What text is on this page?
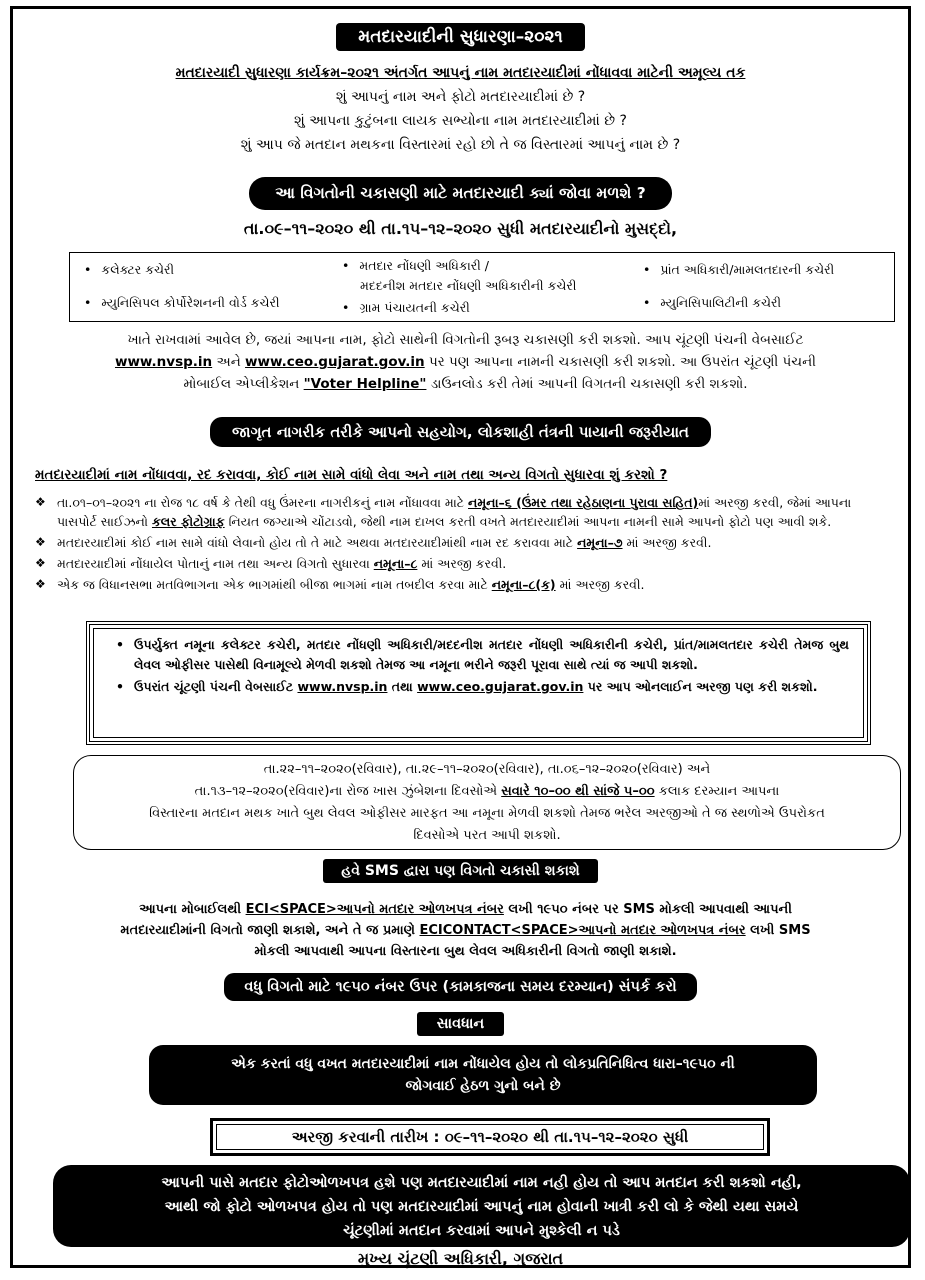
મતદારયાદીની સુધારણા–૨૦૨૧
મતદારયાદી સુધારણા કાર્યક્રમ–૨૦૨૧ અંતર્ગત આપનું નામ મતદારયાદીમાં નોંધાવવા માટેની અમૂલ્ય તક
શું આપનું નામ અને ફોટો મતદારયાદીમાં છે ?
શું આપના કુટુંબના લાયક સભ્યોના નામ મતદારયાદીમાં છે ?
શું આપ જે મતદાન મથકના વિસ્તારમાં રહો છો તે જ વિસ્તારમાં આપનું નામ છે ?
આ વિગતોની ચકાસણી માટે મતદારયાદી ક્યાં જોવા મળશે ?
તા.૦૯–૧૧–૨૦૨૦ થી તા.૧૫–૧૨–૨૦૨૦ સુધી મતદારયાદીનો મુસદ્દો,
• કલેક્ટર કચેરી
• મ્યુનિસિપલ કોર્પોરેશનની વોર્ડ કચેરી
• મતદાર નોંધણી અધિકારી /
મદદનીશ મતદાર નોંધણી અધિકારીની કચેરી
• ગ્રામ પંચાયતની કચેરી
• પ્રાંત અધિકારી/મામલતદારની કચેરી
• મ્યુનિસિપાલિટીની કચેરી
ખાતે રાખવામાં આવેલ છે, જયાં આપના નામ, ફોટો સાથેની વિગતોની રૂબરૂ ચકાસણી કરી શકશો. આપ ચૂંટણી પંચની વેબસાઈટ
www.nvsp.in અને www.ceo.gujarat.gov.in પર પણ આપના નામની ચકાસણી કરી શકશો. આ ઉપરાંત ચૂંટણી પંચની
મોબાઈલ એપ્લીકેશન "Voter Helpline" ડાઉનલોડ કરી તેમાં આપની વિગતની ચકાસણી કરી શકશો.
જાગૃત નાગરીક તરીકે આપનો સહયોગ, લોકશાહી તંત્રની પાયાની જરૂરીયાત
મતદારયાદીમાં નામ નોંધાવવા, રદ કરાવવા, કોઈ નામ સામે વાંધો લેવા અને નામ તથા અન્ય વિગતો સુધારવા શું કરશો ?
❖ તા.૦૧–૦૧–૨૦૨૧ ના રોજ ૧૮ વર્ષ કે તેથી વધુ ઉંમરના નાગરીકનું નામ નોંધાવવા માટે નમૂના–૬ (ઉંમર તથા રહેઠાણના પુરાવા સહિત)માં અરજી કરવી, જેમાં આપના પાસપોર્ટ સાઈઝનો કલર ફોટોગ્રાફ નિયત જગ્યાએ ચોંટાડવો, જેથી નામ દાખલ કરતી વખતે મતદારયાદીમાં આપના નામની સામે આપનો ફોટો પણ આવી શકે.
❖ મતદારયાદીમાં કોઈ નામ સામે વાંધો લેવાનો હોય તો તે માટે અથવા મતદારયાદીમાંથી નામ રદ કરાવવા માટે નમૂના–૭ માં અરજી કરવી.
❖ મતદારયાદીમાં નોંધાયેલ પોતાનું નામ તથા અન્ય વિગતો સુધારવા નમૂના–૮ માં અરજી કરવી.
❖ એક જ વિધાનસભા મતવિભાગના એક ભાગમાંથી બીજા ભાગમાં નામ તબદીલ કરવા માટે નમૂના–૮(ક) માં અરજી કરવી.
• ઉપર્યુક્ત નમૂના કલેક્ટર કચેરી, મતદાર નોંધણી અધિકારી/મદદનીશ મતદાર નોંધણી અધિકારીની કચેરી, પ્રાંત/મામલતદાર કચેરી તેમજ બુથ લેવલ ઓફીસર પાસેથી વિનામૂલ્યે મેળવી શકશો તેમજ આ નમૂના ભરીને જરૂરી પૂરાવા સાથે ત્યાં જ આપી શકશો.
• ઉપરાંત ચૂંટણી પંચની વેબસાઈટ www.nvsp.in તથા www.ceo.gujarat.gov.in પર આપ ઓનલાઈન અરજી પણ કરી શકશો.
તા.૨૨–૧૧–૨૦૨૦(રવિવાર), તા.૨૯–૧૧–૨૦૨૦(રવિવાર), તા.૦૬–૧૨–૨૦૨૦(રવિવાર) અને
તા.૧૩–૧૨–૨૦૨૦(રવિવાર)ના રોજ ખાસ ઝુંબેશના દિવસોએ સવારે ૧૦–૦૦ થી સાંજે ૫–૦૦ કલાક દરમ્યાન આપના
વિસ્તારના મતદાન મથક ખાતે બુથ લેવલ ઓફીસર મારફત આ નમૂના મેળવી શકશો તેમજ ભરેલ અરજીઓ તે જ સ્થળોએ ઉપરોકત
દિવસોએ પરત આપી શકશો.
હવે SMS દ્વારા પણ વિગતો ચકાસી શકાશે
આપના મોબાઈલથી ECI<SPACE>આપનો મતદાર ઓળખપત્ર નંબર લખી ૧૯૫૦ નંબર પર SMS મોકલી આપવાથી આપની
મતદારયાદીમાંની વિગતો જાણી શકાશે, અને તે જ પ્રમાણે ECICONTACT<SPACE>આપનો મતદાર ઓળખપત્ર નંબર લખી SMS
મોકલી આપવાથી આપના વિસ્તારના બુથ લેવલ અધિકારીની વિગતો જાણી શકાશે.
વધુ વિગતો માટે ૧૯૫૦ નંબર ઉપર (કામકાજના સમય દરમ્યાન) સંપર્ક કરો
સાવધાન
એક કરતાં વધુ વખત મતદારયાદીમાં નામ નોંધાયેલ હોય તો લોકપ્રતિનિધિત્વ ધારા–૧૯૫૦ ની
જોગવાઈ હેઠળ ગુનો બને છે
અરજી કરવાની તારીખ : ૦૯–૧૧–૨૦૨૦ થી તા.૧૫–૧૨–૨૦૨૦ સુધી
આપની પાસે મતદાર ફોટોઓળખપત્ર હશે પણ મતદારયાદીમાં નામ નહી હોય તો આપ મતદાન કરી શકશો નહી,
આથી જો ફોટો ઓળખપત્ર હોય તો પણ મતદારયાદીમાં આપનું નામ હોવાની ખાત્રી કરી લો કે જેથી યથા સમયે
ચૂંટણીમાં મતદાન કરવામાં આપને મુશ્કેલી ન પડે
મુખ્ય ચૂંટણી અધિકારી, ગુજરાત
